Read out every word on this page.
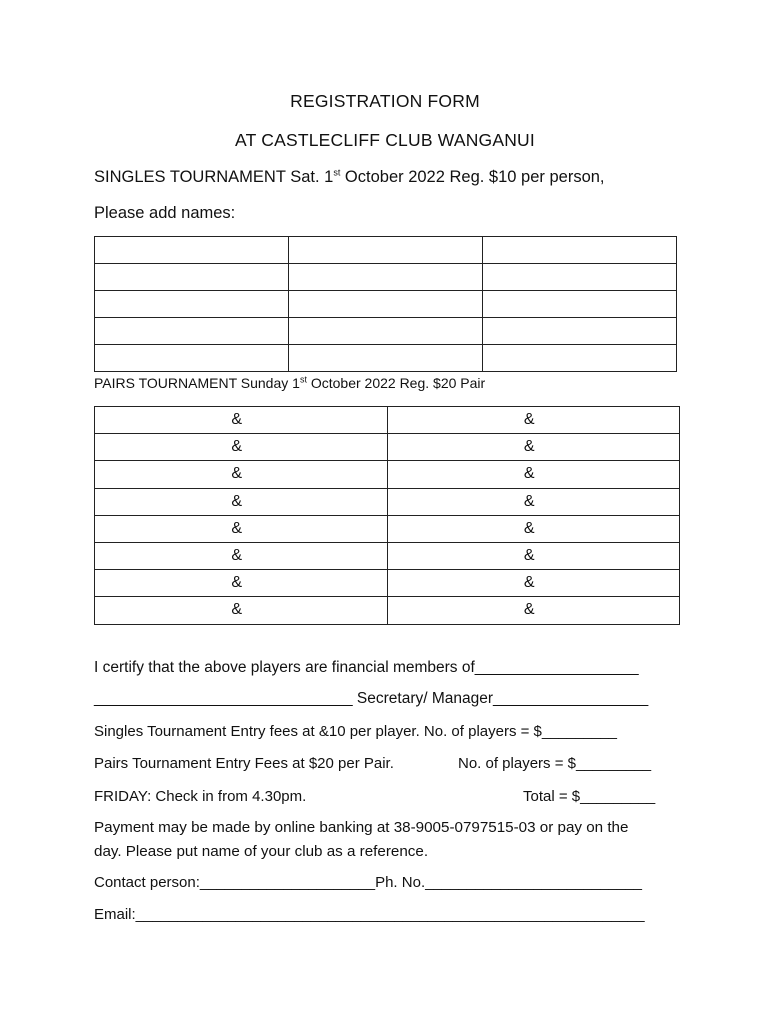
REGISTRATION FORM
AT CASTLECLIFF CLUB WANGANUI
SINGLES TOURNAMENT Sat. 1st October 2022 Reg. $10 per person,
Please add names:

PAIRS TOURNAMENT Sunday 1st October 2022 Reg. $20 Pair
&	&
&	&
&	&
&	&
&	&
&	&
&	&
&	&
I certify that the above players are financial members of___________________
______________________________ Secretary/ Manager__________________
Singles Tournament Entry fees at &10 per player. No. of players = $_________
Pairs Tournament Entry Fees at $20 per Pair.	No. of players = $_________
FRIDAY: Check in from 4.30pm.	Total = $_________
Payment may be made by online banking at 38-9005-0797515-03 or pay on the
day. Please put name of your club as a reference.
Contact person:_____________________Ph. No.__________________________
Email:_____________________________________________________________
